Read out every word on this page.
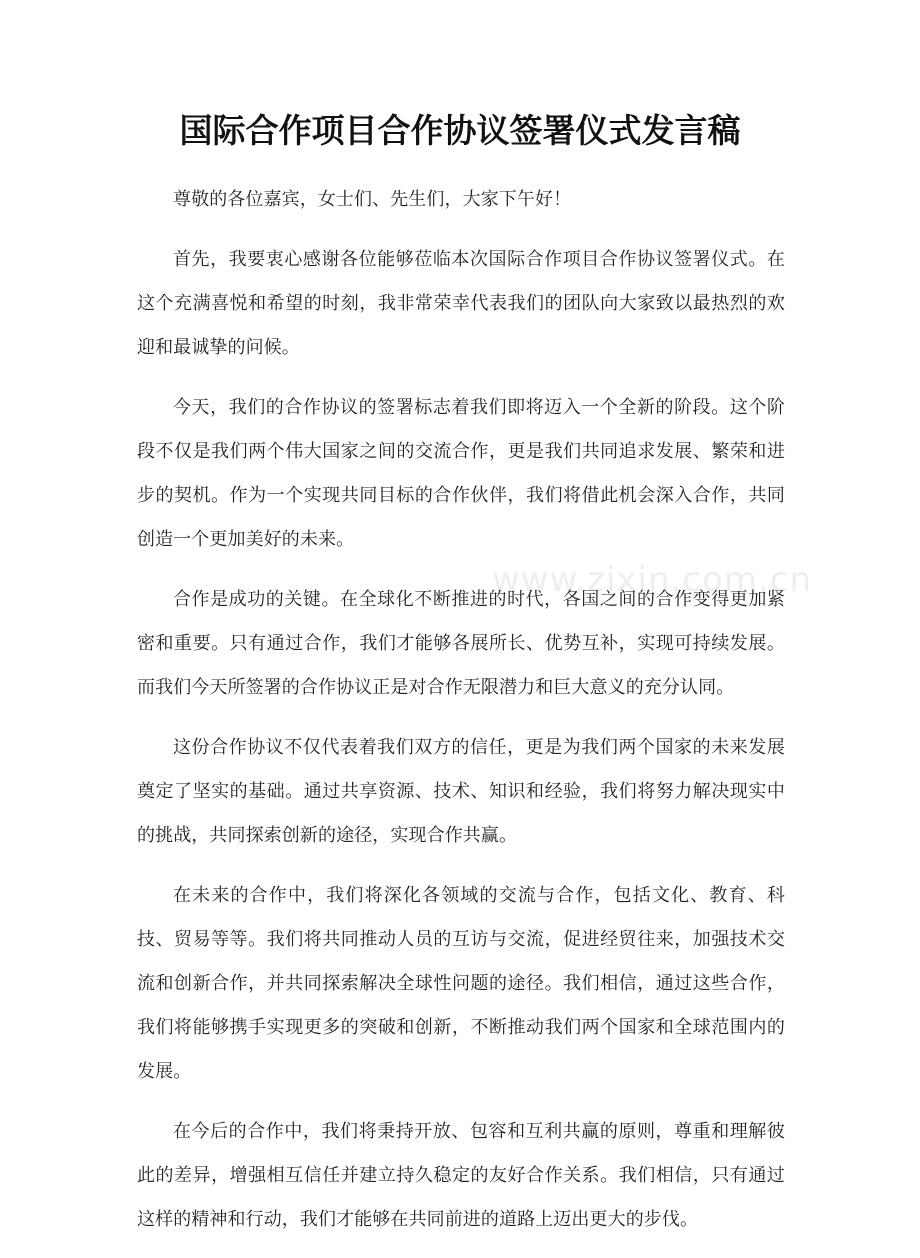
国际合作项目合作协议签署仪式发言稿

尊敬的各位嘉宾，女士们、先生们，大家下午好！

首先，我要衷心感谢各位能够莅临本次国际合作项目合作协议签署仪式。在这个充满喜悦和希望的时刻，我非常荣幸代表我们的团队向大家致以最热烈的欢迎和最诚挚的问候。

今天，我们的合作协议的签署标志着我们即将迈入一个全新的阶段。这个阶段不仅是我们两个伟大国家之间的交流合作，更是我们共同追求发展、繁荣和进步的契机。作为一个实现共同目标的合作伙伴，我们将借此机会深入合作，共同创造一个更加美好的未来。

合作是成功的关键。在全球化不断推进的时代，各国之间的合作变得更加紧密和重要。只有通过合作，我们才能够各展所长、优势互补，实现可持续发展。而我们今天所签署的合作协议正是对合作无限潜力和巨大意义的充分认同。

这份合作协议不仅代表着我们双方的信任，更是为我们两个国家的未来发展奠定了坚实的基础。通过共享资源、技术、知识和经验，我们将努力解决现实中的挑战，共同探索创新的途径，实现合作共赢。

在未来的合作中，我们将深化各领域的交流与合作，包括文化、教育、科技、贸易等等。我们将共同推动人员的互访与交流，促进经贸往来，加强技术交流和创新合作，并共同探索解决全球性问题的途径。我们相信，通过这些合作，我们将能够携手实现更多的突破和创新，不断推动我们两个国家和全球范围内的发展。

在今后的合作中，我们将秉持开放、包容和互利共赢的原则，尊重和理解彼此的差异，增强相互信任并建立持久稳定的友好合作关系。我们相信，只有通过这样的精神和行动，我们才能够在共同前进的道路上迈出更大的步伐。

www.zixin.com.cn
